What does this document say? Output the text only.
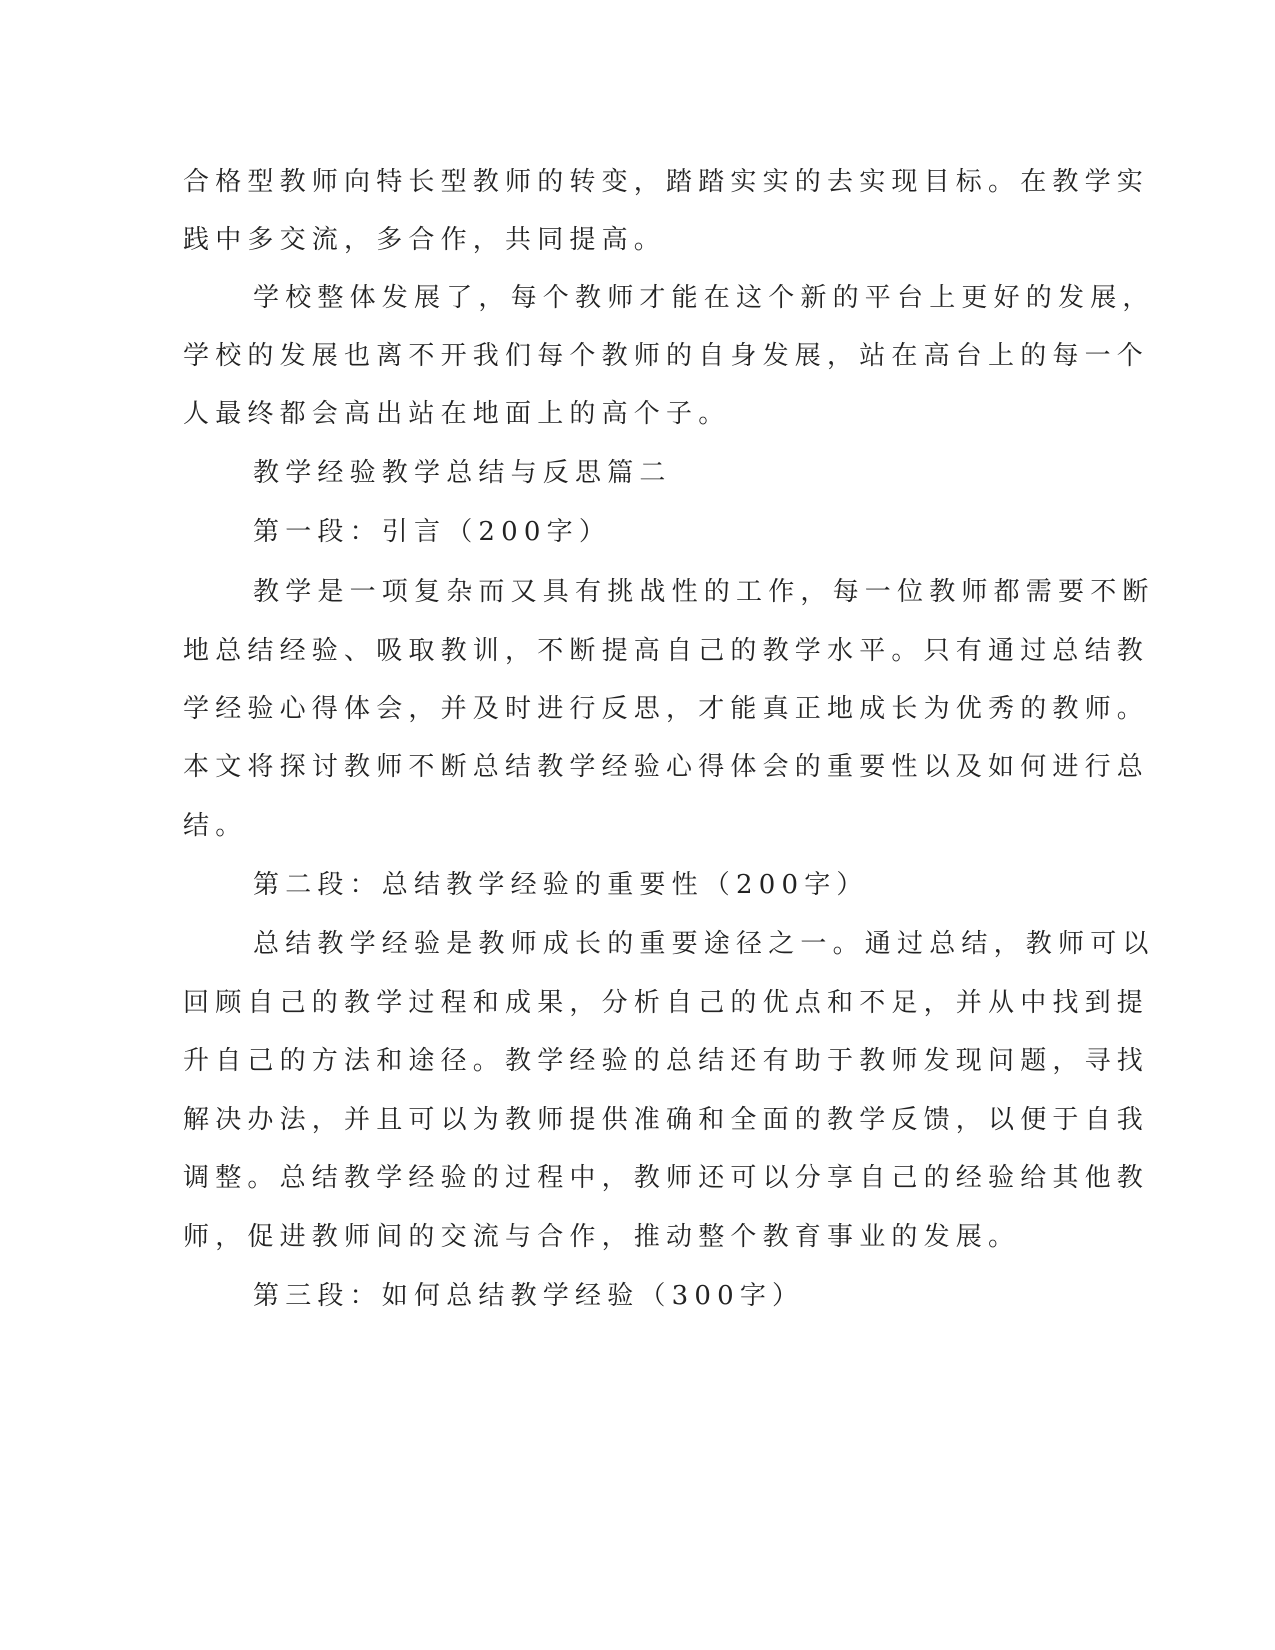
合格型教师向特长型教师的转变，踏踏实实的去实现目标。在教学实
践中多交流，多合作，共同提高。
学校整体发展了，每个教师才能在这个新的平台上更好的发展，
学校的发展也离不开我们每个教师的自身发展，站在高台上的每一个
人最终都会高出站在地面上的高个子。
教学经验教学总结与反思篇二
第一段：引言（200字）
教学是一项复杂而又具有挑战性的工作，每一位教师都需要不断
地总结经验、吸取教训，不断提高自己的教学水平。只有通过总结教
学经验心得体会，并及时进行反思，才能真正地成长为优秀的教师。
本文将探讨教师不断总结教学经验心得体会的重要性以及如何进行总
结。
第二段：总结教学经验的重要性（200字）
总结教学经验是教师成长的重要途径之一。通过总结，教师可以
回顾自己的教学过程和成果，分析自己的优点和不足，并从中找到提
升自己的方法和途径。教学经验的总结还有助于教师发现问题，寻找
解决办法，并且可以为教师提供准确和全面的教学反馈，以便于自我
调整。总结教学经验的过程中，教师还可以分享自己的经验给其他教
师，促进教师间的交流与合作，推动整个教育事业的发展。
第三段：如何总结教学经验（300字）
